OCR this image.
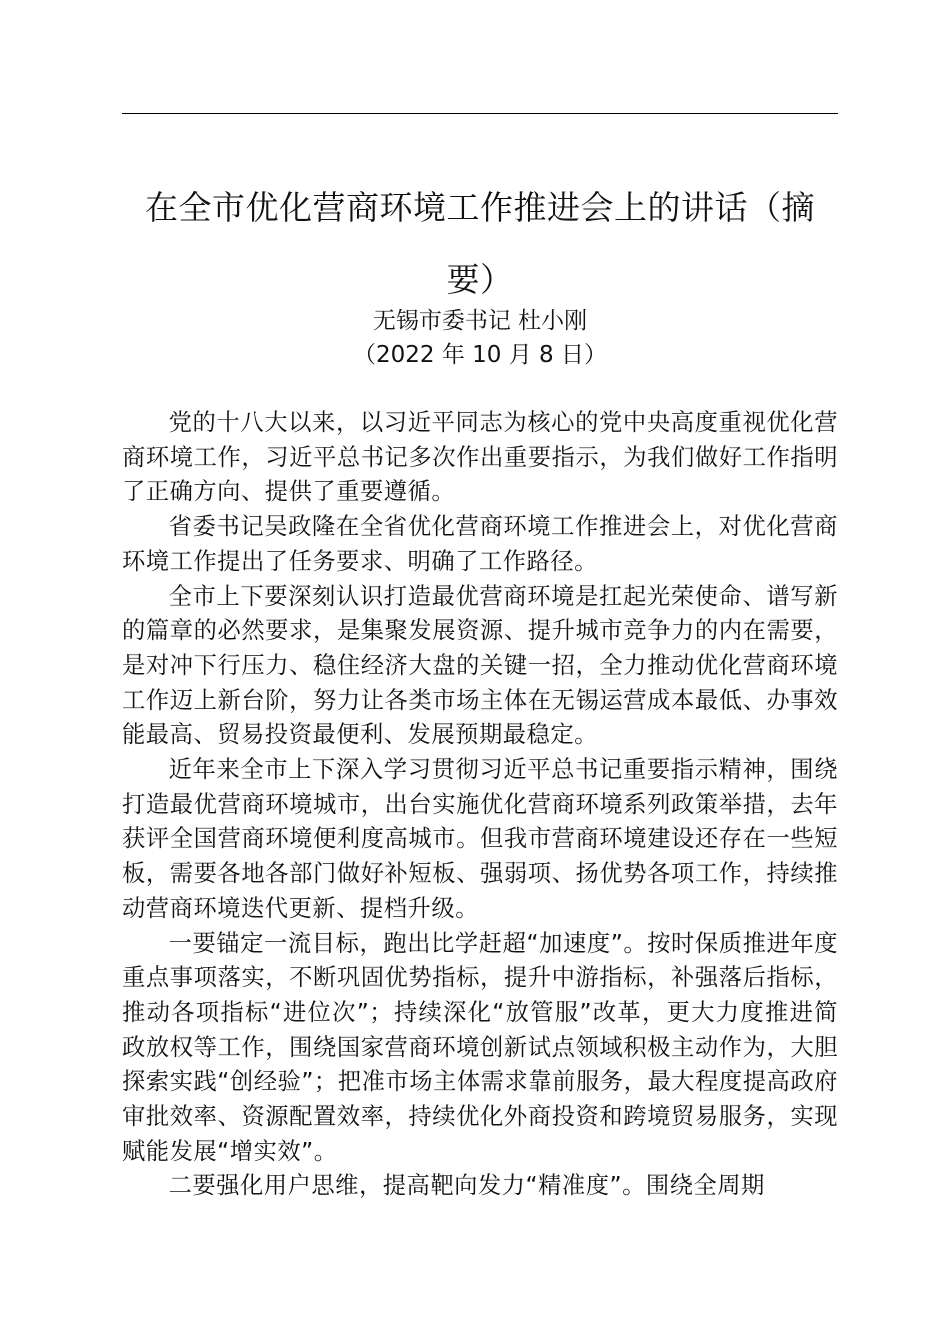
在全市优化营商环境工作推进会上的讲话（摘要）
无锡市委书记 杜小刚
（2022 年 10 月 8 日）

党的十八大以来，以习近平同志为核心的党中央高度重视优化营商环境工作，习近平总书记多次作出重要指示，为我们做好工作指明了正确方向、提供了重要遵循。

省委书记吴政隆在全省优化营商环境工作推进会上，对优化营商环境工作提出了任务要求、明确了工作路径。

全市上下要深刻认识打造最优营商环境是扛起光荣使命、谱写新的篇章的必然要求，是集聚发展资源、提升城市竞争力的内在需要，是对冲下行压力、稳住经济大盘的关键一招，全力推动优化营商环境工作迈上新台阶，努力让各类市场主体在无锡运营成本最低、办事效能最高、贸易投资最便利、发展预期最稳定。

近年来全市上下深入学习贯彻习近平总书记重要指示精神，围绕打造最优营商环境城市，出台实施优化营商环境系列政策举措，去年获评全国营商环境便利度高城市。但我市营商环境建设还存在一些短板，需要各地各部门做好补短板、强弱项、扬优势各项工作，持续推动营商环境迭代更新、提档升级。

一要锚定一流目标，跑出比学赶超“加速度”。按时保质推进年度重点事项落实，不断巩固优势指标，提升中游指标，补强落后指标，推动各项指标“进位次”；持续深化“放管服”改革，更大力度推进简政放权等工作，围绕国家营商环境创新试点领域积极主动作为，大胆探索实践“创经验”；把准市场主体需求靠前服务，最大程度提高政府审批效率、资源配置效率，持续优化外商投资和跨境贸易服务，实现赋能发展“增实效”。

二要强化用户思维，提高靶向发力“精准度”。围绕全周期
